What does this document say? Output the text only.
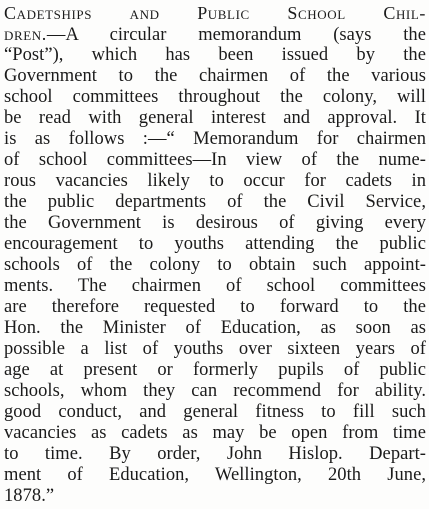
Cadetships and Public School Chil-
dren.—A circular memorandum (says the
“Post”), which has been issued by the
Government to the chairmen of the various
school committees throughout the colony, will
be read with general interest and approval. It
is as follows :—“ Memorandum for chairmen
of school committees—In view of the nume-
rous vacancies likely to occur for cadets in
the public departments of the Civil Service,
the Government is desirous of giving every
encouragement to youths attending the public
schools of the colony to obtain such appoint-
ments. The chairmen of school committees
are therefore requested to forward to the
Hon. the Minister of Education, as soon as
possible a list of youths over sixteen years of
age at present or formerly pupils of public
schools, whom they can recommend for ability.
good conduct, and general fitness to fill such
vacancies as cadets as may be open from time
to time. By order, John Hislop. Depart-
ment of Education, Wellington, 20th June,
1878.”
